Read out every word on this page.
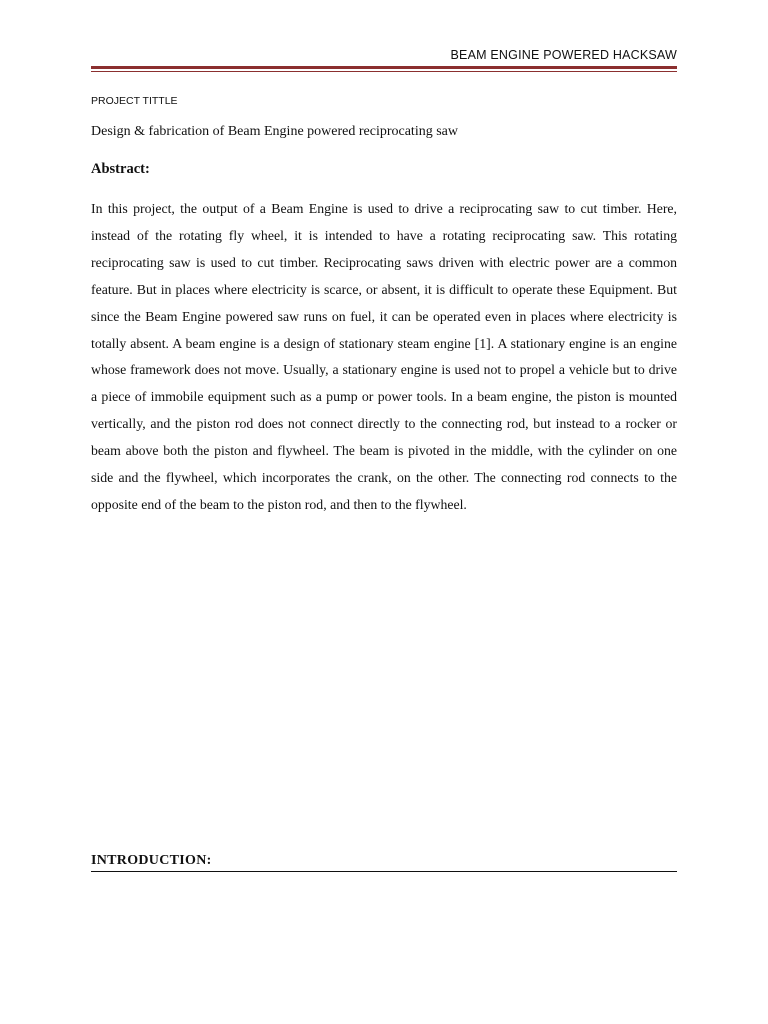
BEAM ENGINE POWERED HACKSAW
PROJECT TITTLE
Design & fabrication of Beam Engine powered reciprocating saw
Abstract:

In this project, the output of a Beam Engine is used to drive a reciprocating saw to cut timber. Here, instead of the rotating fly wheel, it is intended to have a rotating reciprocating saw. This rotating reciprocating saw is used to cut timber. Reciprocating saws driven with electric power are a common feature. But in places where electricity is scarce, or absent, it is difficult to operate these Equipment. But since the Beam Engine powered saw runs on fuel, it can be operated even in places where electricity is totally absent. A beam engine is a design of stationary steam engine [1]. A stationary engine is an engine whose framework does not move. Usually, a stationary engine is used not to propel a vehicle but to drive a piece of immobile equipment such as a pump or power tools. In a beam engine, the piston is mounted vertically, and the piston rod does not connect directly to the connecting rod, but instead to a rocker or beam above both the piston and flywheel. The beam is pivoted in the middle, with the cylinder on one side and the flywheel, which incorporates the crank, on the other. The connecting rod connects to the opposite end of the beam to the piston rod, and then to the flywheel.

INTRODUCTION:
